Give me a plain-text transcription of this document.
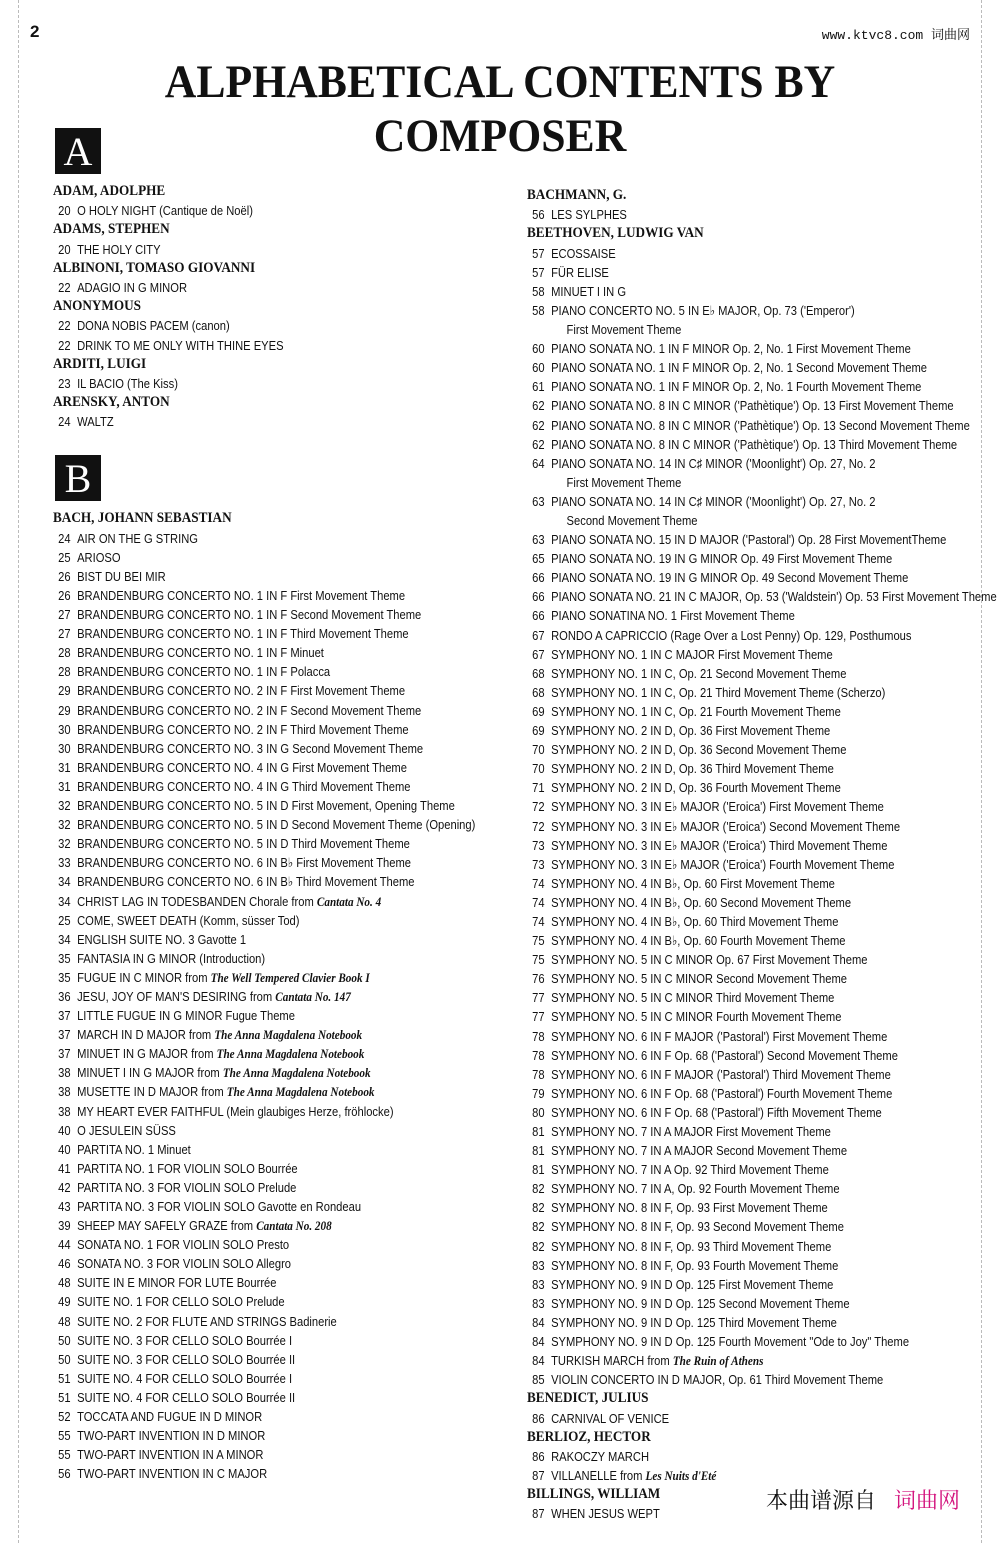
2	www.ktvc8.com 词曲网
ALPHABETICAL CONTENTS BY COMPOSER
A
ADAM, ADOLPHE
20 O HOLY NIGHT (Cantique de Noël)
ADAMS, STEPHEN
20 THE HOLY CITY
ALBINONI, TOMASO GIOVANNI
22 ADAGIO IN G MINOR
ANONYMOUS
22 DONA NOBIS PACEM (canon)
22 DRINK TO ME ONLY WITH THINE EYES
ARDITI, LUIGI
23 IL BACIO (The Kiss)
ARENSKY, ANTON
24 WALTZ
B
BACH, JOHANN SEBASTIAN
24 AIR ON THE G STRING
25 ARIOSO
26 BIST DU BEI MIR
26 BRANDENBURG CONCERTO NO. 1 IN F First Movement Theme
27 BRANDENBURG CONCERTO NO. 1 IN F Second Movement Theme
27 BRANDENBURG CONCERTO NO. 1 IN F Third Movement Theme
28 BRANDENBURG CONCERTO NO. 1 IN F Minuet
28 BRANDENBURG CONCERTO NO. 1 IN F Polacca
29 BRANDENBURG CONCERTO NO. 2 IN F First Movement Theme
29 BRANDENBURG CONCERTO NO. 2 IN F Second Movement Theme
30 BRANDENBURG CONCERTO NO. 2 IN F Third Movement Theme
30 BRANDENBURG CONCERTO NO. 3 IN G Second Movement Theme
31 BRANDENBURG CONCERTO NO. 4 IN G First Movement Theme
31 BRANDENBURG CONCERTO NO. 4 IN G Third Movement Theme
32 BRANDENBURG CONCERTO NO. 5 IN D First Movement, Opening Theme
32 BRANDENBURG CONCERTO NO. 5 IN D Second Movement Theme (Opening)
32 BRANDENBURG CONCERTO NO. 5 IN D Third Movement Theme
33 BRANDENBURG CONCERTO NO. 6 IN B♭ First Movement Theme
34 BRANDENBURG CONCERTO NO. 6 IN B♭ Third Movement Theme
34 CHRIST LAG IN TODESBANDEN Chorale from Cantata No. 4
25 COME, SWEET DEATH (Komm, süsser Tod)
34 ENGLISH SUITE NO. 3 Gavotte 1
35 FANTASIA IN G MINOR (Introduction)
35 FUGUE IN C MINOR from The Well Tempered Clavier Book I
36 JESU, JOY OF MAN'S DESIRING from Cantata No. 147
37 LITTLE FUGUE IN G MINOR Fugue Theme
37 MARCH IN D MAJOR from The Anna Magdalena Notebook
37 MINUET IN G MAJOR from The Anna Magdalena Notebook
38 MINUET I IN G MAJOR from The Anna Magdalena Notebook
38 MUSETTE IN D MAJOR from The Anna Magdalena Notebook
38 MY HEART EVER FAITHFUL (Mein glaubiges Herze, fröhlocke)
40 O JESULEIN SÜSS
40 PARTITA NO. 1 Minuet
41 PARTITA NO. 1 FOR VIOLIN SOLO Bourrée
42 PARTITA NO. 3 FOR VIOLIN SOLO Prelude
43 PARTITA NO. 3 FOR VIOLIN SOLO Gavotte en Rondeau
39 SHEEP MAY SAFELY GRAZE from Cantata No. 208
44 SONATA NO. 1 FOR VIOLIN SOLO Presto
46 SONATA NO. 3 FOR VIOLIN SOLO Allegro
48 SUITE IN E MINOR FOR LUTE Bourrée
49 SUITE NO. 1 FOR CELLO SOLO Prelude
48 SUITE NO. 2 FOR FLUTE AND STRINGS Badinerie
50 SUITE NO. 3 FOR CELLO SOLO Bourrée I
50 SUITE NO. 3 FOR CELLO SOLO Bourrée II
51 SUITE NO. 4 FOR CELLO SOLO Bourrée I
51 SUITE NO. 4 FOR CELLO SOLO Bourrée II
52 TOCCATA AND FUGUE IN D MINOR
55 TWO-PART INVENTION IN D MINOR
55 TWO-PART INVENTION IN A MINOR
56 TWO-PART INVENTION IN C MAJOR
BACHMANN, G.
56 LES SYLPHES
BEETHOVEN, LUDWIG VAN
57 ECOSSAISE
57 FÜR ELISE
58 MINUET I IN G
58 PIANO CONCERTO NO. 5 IN E♭ MAJOR, Op. 73 ('Emperor')
First Movement Theme
60 PIANO SONATA NO. 1 IN F MINOR Op. 2, No. 1 First Movement Theme
60 PIANO SONATA NO. 1 IN F MINOR Op. 2, No. 1 Second Movement Theme
61 PIANO SONATA NO. 1 IN F MINOR Op. 2, No. 1 Fourth Movement Theme
62 PIANO SONATA NO. 8 IN C MINOR ('Pathètique') Op. 13 First Movement Theme
62 PIANO SONATA NO. 8 IN C MINOR ('Pathètique') Op. 13 Second Movement Theme
62 PIANO SONATA NO. 8 IN C MINOR ('Pathètique') Op. 13 Third Movement Theme
64 PIANO SONATA NO. 14 IN C♯ MINOR ('Moonlight') Op. 27, No. 2
First Movement Theme
63 PIANO SONATA NO. 14 IN C♯ MINOR ('Moonlight') Op. 27, No. 2
Second Movement Theme
63 PIANO SONATA NO. 15 IN D MAJOR ('Pastoral') Op. 28 First MovementTheme
65 PIANO SONATA NO. 19 IN G MINOR Op. 49 First Movement Theme
66 PIANO SONATA NO. 19 IN G MINOR Op. 49 Second Movement Theme
66 PIANO SONATA NO. 21 IN C MAJOR, Op. 53 ('Waldstein') Op. 53 First Movement Theme
66 PIANO SONATINA NO. 1 First Movement Theme
67 RONDO A CAPRICCIO (Rage Over a Lost Penny) Op. 129, Posthumous
67 SYMPHONY NO. 1 IN C MAJOR First Movement Theme
68 SYMPHONY NO. 1 IN C, Op. 21 Second Movement Theme
68 SYMPHONY NO. 1 IN C, Op. 21 Third Movement Theme (Scherzo)
69 SYMPHONY NO. 1 IN C, Op. 21 Fourth Movement Theme
69 SYMPHONY NO. 2 IN D, Op. 36 First Movement Theme
70 SYMPHONY NO. 2 IN D, Op. 36 Second Movement Theme
70 SYMPHONY NO. 2 IN D, Op. 36 Third Movement Theme
71 SYMPHONY NO. 2 IN D, Op. 36 Fourth Movement Theme
72 SYMPHONY NO. 3 IN E♭ MAJOR ('Eroica') First Movement Theme
72 SYMPHONY NO. 3 IN E♭ MAJOR ('Eroica') Second Movement Theme
73 SYMPHONY NO. 3 IN E♭ MAJOR ('Eroica') Third Movement Theme
73 SYMPHONY NO. 3 IN E♭ MAJOR ('Eroica') Fourth Movement Theme
74 SYMPHONY NO. 4 IN B♭, Op. 60 First Movement Theme
74 SYMPHONY NO. 4 IN B♭, Op. 60 Second Movement Theme
74 SYMPHONY NO. 4 IN B♭, Op. 60 Third Movement Theme
75 SYMPHONY NO. 4 IN B♭, Op. 60 Fourth Movement Theme
75 SYMPHONY NO. 5 IN C MINOR Op. 67 First Movement Theme
76 SYMPHONY NO. 5 IN C MINOR Second Movement Theme
77 SYMPHONY NO. 5 IN C MINOR Third Movement Theme
77 SYMPHONY NO. 5 IN C MINOR Fourth Movement Theme
78 SYMPHONY NO. 6 IN F MAJOR ('Pastoral') First Movement Theme
78 SYMPHONY NO. 6 IN F Op. 68 ('Pastoral') Second Movement Theme
78 SYMPHONY NO. 6 IN F MAJOR ('Pastoral') Third Movement Theme
79 SYMPHONY NO. 6 IN F Op. 68 ('Pastoral') Fourth Movement Theme
80 SYMPHONY NO. 6 IN F Op. 68 ('Pastoral') Fifth Movement Theme
81 SYMPHONY NO. 7 IN A MAJOR First Movement Theme
81 SYMPHONY NO. 7 IN A MAJOR Second Movement Theme
81 SYMPHONY NO. 7 IN A Op. 92 Third Movement Theme
82 SYMPHONY NO. 7 IN A, Op. 92 Fourth Movement Theme
82 SYMPHONY NO. 8 IN F, Op. 93 First Movement Theme
82 SYMPHONY NO. 8 IN F, Op. 93 Second Movement Theme
82 SYMPHONY NO. 8 IN F, Op. 93 Third Movement Theme
83 SYMPHONY NO. 8 IN F, Op. 93 Fourth Movement Theme
83 SYMPHONY NO. 9 IN D Op. 125 First Movement Theme
83 SYMPHONY NO. 9 IN D Op. 125 Second Movement Theme
84 SYMPHONY NO. 9 IN D Op. 125 Third Movement Theme
84 SYMPHONY NO. 9 IN D Op. 125 Fourth Movement "Ode to Joy" Theme
84 TURKISH MARCH from The Ruin of Athens
85 VIOLIN CONCERTO IN D MAJOR, Op. 61 Third Movement Theme
BENEDICT, JULIUS
86 CARNIVAL OF VENICE
BERLIOZ, HECTOR
86 RAKOCZY MARCH
87 VILLANELLE from Les Nuits d'Eté
BILLINGS, WILLIAM
87 WHEN JESUS WEPT	本曲谱源自 词曲网
